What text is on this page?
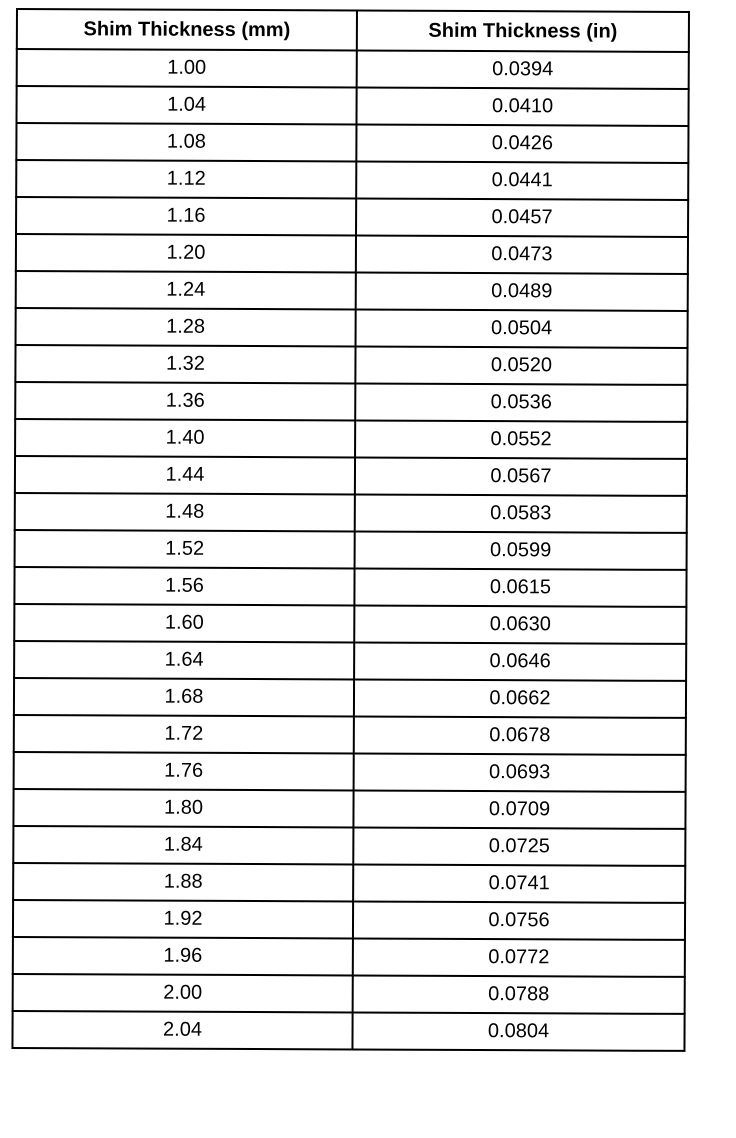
Shim Thickness (mm)	Shim Thickness (in)
1.00	0.0394
1.04	0.0410
1.08	0.0426
1.12	0.0441
1.16	0.0457
1.20	0.0473
1.24	0.0489
1.28	0.0504
1.32	0.0520
1.36	0.0536
1.40	0.0552
1.44	0.0567
1.48	0.0583
1.52	0.0599
1.56	0.0615
1.60	0.0630
1.64	0.0646
1.68	0.0662
1.72	0.0678
1.76	0.0693
1.80	0.0709
1.84	0.0725
1.88	0.0741
1.92	0.0756
1.96	0.0772
2.00	0.0788
2.04	0.0804
